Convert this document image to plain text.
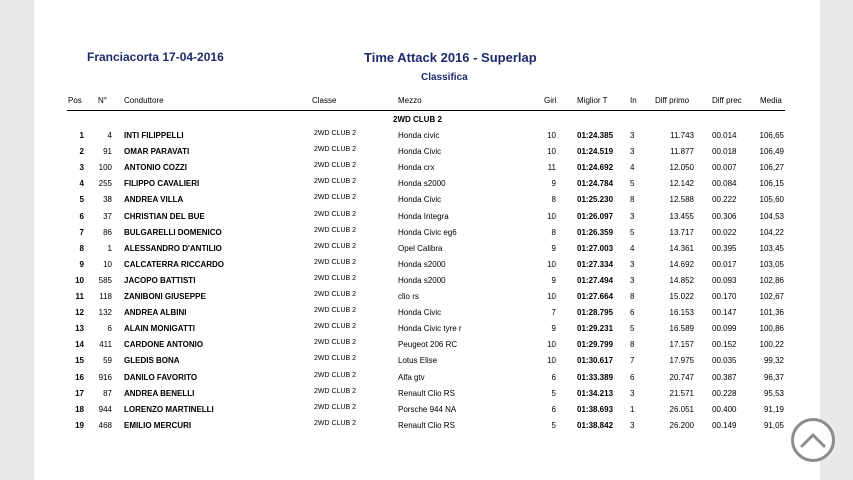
Franciacorta 17-04-2016	Time Attack 2016 - Superlap
Classifica
Pos N° Conduttore	Classe	Mezzo	Giri	Miglior T	In Diff primo	Diff prec Media
2WD CLUB 2
1	4 INTI FILIPPELLI	2WD CLUB 2	Honda civic	10	01:24.385 3	11.743 00.014	106,65
2	91 OMAR PARAVATI	2WD CLUB 2	Honda Civic	10	01:24.519 3	11.877 00.018	106,49
3	100 ANTONIO COZZI	2WD CLUB 2	Honda crx	11	01:24.692 4	12.050 00.007	106,27
4	255 FILIPPO CAVALIERI	2WD CLUB 2	Honda s2000	9	01:24.784 5	12.142 00.084	106,15
5	38 ANDREA VILLA	2WD CLUB 2	Honda Civic	8	01:25.230 8	12.588 00.222	105,60
6	37 CHRISTIAN DEL BUE	2WD CLUB 2	Honda Integra	10	01:26.097 3	13.455 00.306	104,53
7	86 BULGARELLI DOMENICO	2WD CLUB 2	Honda Civic eg6	8	01:26.359 5	13.717 00.022	104,22
8	1 ALESSANDRO D'ANTILIO	2WD CLUB 2	Opel Calibra	9	01:27.003 4	14.361 00.395	103,45
9	10 CALCATERRA RICCARDO	2WD CLUB 2	Honda s2000	10	01:27.334 3	14.692 00.017	103,05
10	585 JACOPO BATTISTI	2WD CLUB 2	Honda s2000	9	01:27.494 3	14.852 00.093	102,86
11	118 ZANIBONI GIUSEPPE	2WD CLUB 2	clio rs	10	01:27.664 8	15.022 00.170	102,67
12	132 ANDREA ALBINI	2WD CLUB 2	Honda Civic	7	01:28.795 6	16.153 00.147	101,36
13	6 ALAIN MONIGATTI	2WD CLUB 2	Honda Civic tyre r	9	01:29.231 5	16.589 00.099	100,86
14	411 CARDONE ANTONIO	2WD CLUB 2	Peugeot 206 RC	10	01:29.799 8	17.157 00.152	100,22
15	59 GLEDIS BONA	2WD CLUB 2	Lotus Elise	10	01:30.617 7	17.975 00.035	99,32
16	916 DANILO FAVORITO	2WD CLUB 2	Alfa gtv	6	01:33.389 6	20.747 00.387	96,37
17	87 ANDREA BENELLI	2WD CLUB 2	Renault Clio RS	5	01:34.213 3	21.571 00.228	95,53
18	944 LORENZO MARTINELLI	2WD CLUB 2	Porsche 944 NA	6	01:38.693 1	26.051 00.400	91,19
19	468 EMILIO MERCURI	2WD CLUB 2	Renault Clio RS	5	01:38.842 3	26.200 00.149	91,05
